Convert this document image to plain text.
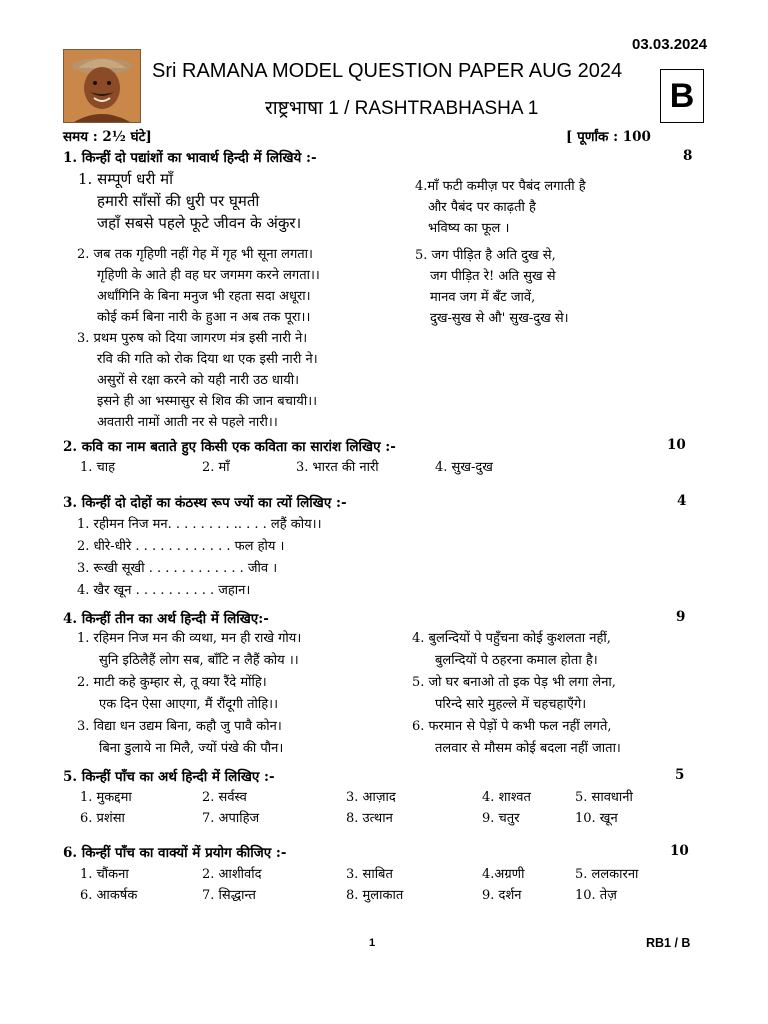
03.03.2024
Sri RAMANA MODEL QUESTION PAPER AUG 2024
राष्ट्रभाषा 1 / RASHTRABHASHA 1	B
समय : 2½ घंटे]	[ पूर्णांक : 100
1. किन्हीं दो पद्यांशों का भावार्थ हिन्दी में लिखिये :-	8
1. सम्पूर्ण धरी माँ
हमारी साँसों की धुरी पर घूमती
जहाँ सबसे पहले फूटे जीवन के अंकुर।
2. जब तक गृहिणी नहीं गेह में गृह भी सूना लगता।
गृहिणी के आते ही वह घर जगमग करने लगता।।
अर्धांगिनि के बिना मनुज भी रहता सदा अधूरा।
कोई कर्म बिना नारी के हुआ न अब तक पूरा।।
3. प्रथम पुरुष को दिया जागरण मंत्र इसी नारी ने।
रवि की गति को रोक दिया था एक इसी नारी ने।
असुरों से रक्षा करने को यही नारी उठ धायी।
इसने ही आ भस्मासुर से शिव की जान बचायी।।
अवतारी नामों आती नर से पहले नारी।।
4.माँ फटी कमीज़ पर पैबंद लगाती है
और पैबंद पर काढ़ती है
भविष्य का फूल ।
5. जग पीड़ित है अति दुख से,
जग पीड़ित रे! अति सुख से
मानव जग में बँट जावें,
दुख-सुख से औ' सुख-दुख से।
2. कवि का नाम बताते हुए किसी एक कविता का सारांश लिखिए :-	10
1. चाह	2. माँ	3. भारत की नारी	4. सुख-दुख
3. किन्हीं दो दोहों का कंठस्थ रूप ज्यों का त्यों लिखिए :-	4
1. रहीमन निज मन. . . . . . . . .. . . . लहैं कोय।।
2. धीरे-धीरे . . . . . . . . . . . . फल होय ।
3. रूखी सूखी . . . . . . . . . . . . जीव ।
4. खैर खून . . . . . . . . . . जहान।
4. किन्हीं तीन का अर्थ हिन्दी में लिखिए:-	9
1. रहिमन निज मन की व्यथा, मन ही राखे गोय।
सुनि इठिलैहैं लोग सब, बाँटि न लैहैं कोय ।।
2. माटी कहे कुम्हार से, तू क्या रैंदे मोंहि।
एक दिन ऐसा आएगा, मैं रौंदूगी तोहि।।
3. विद्या धन उद्यम बिना, कहौ जु पावै कोन।
बिना डुलाये ना मिलै, ज्यों पंखे की पौन।
4. बुलन्दियों पे पहुँचना कोई कुशलता नहीं,
बुलन्दियों पे ठहरना कमाल होता है।
5. जो घर बनाओ तो इक पेड़ भी लगा लेना,
परिन्दे सारे मुहल्ले में चहचहाएँगे।
6. फरमान से पेड़ों पे कभी फल नहीं लगते,
तलवार से मौसम कोई बदला नहीं जाता।
5. किन्हीं पाँच का अर्थ हिन्दी में लिखिए :-	5
1. मुकद्दमा	2. सर्वस्व	3. आज़ाद	4. शाश्वत	5. सावधानी
6. प्रशंसा	7. अपाहिज	8. उत्थान	9. चतुर	10. खून
6. किन्हीं पाँच का वाक्यों में प्रयोग कीजिए :-	10
1. चौंकना	2. आशीर्वाद	3. साबित	4.अग्रणी	5. ललकारना
6. आकर्षक	7. सिद्धान्त	8. मुलाकात	9. दर्शन	10. तेज़
1	RB1 / B
